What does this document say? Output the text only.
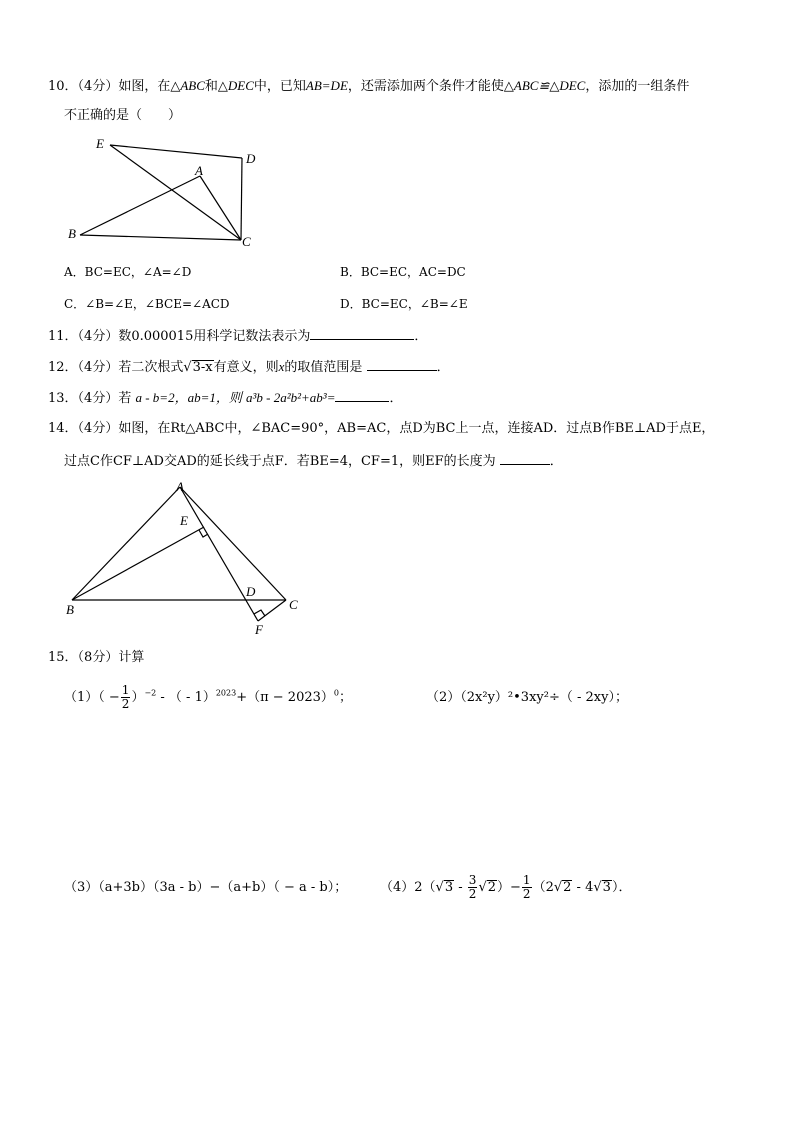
10．（4分）如图，在△ABC和△DEC中，已知AB=DE，还需添加两个条件才能使△ABC≌△DEC，添加的一组条件
不正确的是（　　）
E
D
A
B
C
A．BC=EC，∠A=∠D	B．BC=EC，AC=DC
C．∠B=∠E，∠BCE=∠ACD	D．BC=EC，∠B=∠E
11．（4分）数0.000015用科学记数法表示为	．
12．（4分）若二次根式√3-x有意义，则x的取值范围是	．
13．（4分）若 a - b=2，ab=1，则 a³b - 2a²b²+ab³=	．
14．（4分）如图，在Rt△ABC中，∠BAC=90°，AB=AC，点D为BC上一点，连接AD．过点B作BE⊥AD于点E，
过点C作CF⊥AD交AD的延长线于点F．若BE=4，CF=1，则EF的长度为	．
A
E
B
D
C
F
15．（8分）计算
$(1)( - \frac{1}{2} )^{-2}$ - （ - $1)^{2023}+(\pi - 2023)^0$；	（2）（2x²y）²•3xy²÷（ - 2xy）；
（3）（a+3b）（3a - b）−（a+b）（ − a - b）；	$(4)2(√3 - \frac{3}{2} √2)- \frac{1}{2} (2√2 - 4√3)$．
